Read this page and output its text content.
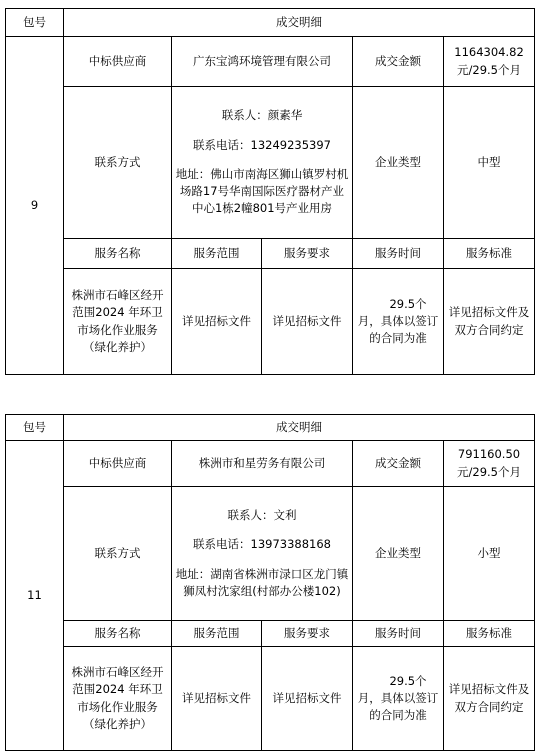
包号	成交明细				
9	中标供应商	广东宝鸿环境管理有限公司		成交金额	1164304.82
元/29.5个月

	联系方式	联系人：颜素华
联系电话：13249235397
地址：佛山市南海区狮山镇罗村机场路17号华南国际医疗器材产业中心1栋2幢801号产业用房		企业类型	中型
	服务名称	服务范围	服务要求	服务时间	服务标准
	株洲市石峰区经开范围2024 年环卫市场化作业服务（绿化养护）	详见招标文件	详见招标文件	29.5个
月，具体以签订的合同为准	详见招标文件及双方合同约定
包号	成交明细				
11	中标供应商	株洲市和星劳务有限公司		成交金额	791160.50
元/29.5个月

	联系方式	联系人：文利
联系电话：13973388168
地址：湖南省株洲市渌口区龙门镇狮凤村沈家组(村部办公楼102)		企业类型	小型
	服务名称	服务范围	服务要求	服务时间	服务标准
	株洲市石峰区经开范围2024 年环卫市场化作业服务（绿化养护）	详见招标文件	详见招标文件	29.5个
月，具体以签订的合同为准	详见招标文件及双方合同约定
